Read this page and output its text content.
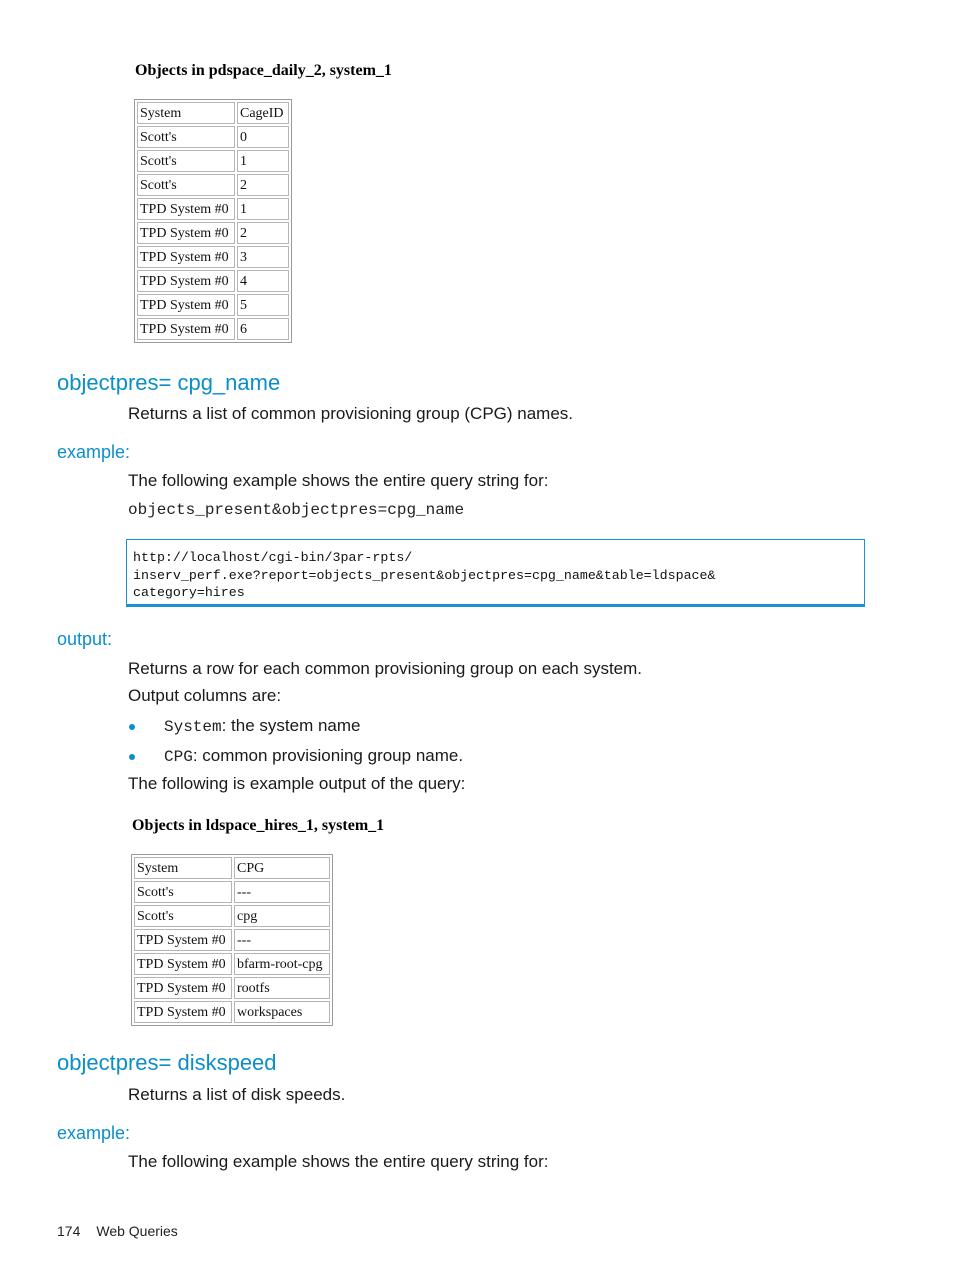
Objects in pdspace_daily_2, system_1
System	CageID
Scott's	0
Scott's	1
Scott's	2
TPD System #0	1
TPD System #0	2
TPD System #0	3
TPD System #0	4
TPD System #0	5
TPD System #0	6
objectpres= cpg_name
Returns a list of common provisioning group (CPG) names.
example:
The following example shows the entire query string for:
objects_present&objectpres=cpg_name
http://localhost/cgi-bin/3par-rpts/
inserv_perf.exe?report=objects_present&objectpres=cpg_name&table=ldspace&
category=hires
output:
Returns a row for each common provisioning group on each system.
Output columns are:
System: the system name
CPG: common provisioning group name.
The following is example output of the query:
Objects in ldspace_hires_1, system_1
System	CPG
Scott's	---
Scott's	cpg
TPD System #0	---
TPD System #0	bfarm-root-cpg
TPD System #0	rootfs
TPD System #0	workspaces
objectpres= diskspeed
Returns a list of disk speeds.
example:
The following example shows the entire query string for:
174 Web Queries
